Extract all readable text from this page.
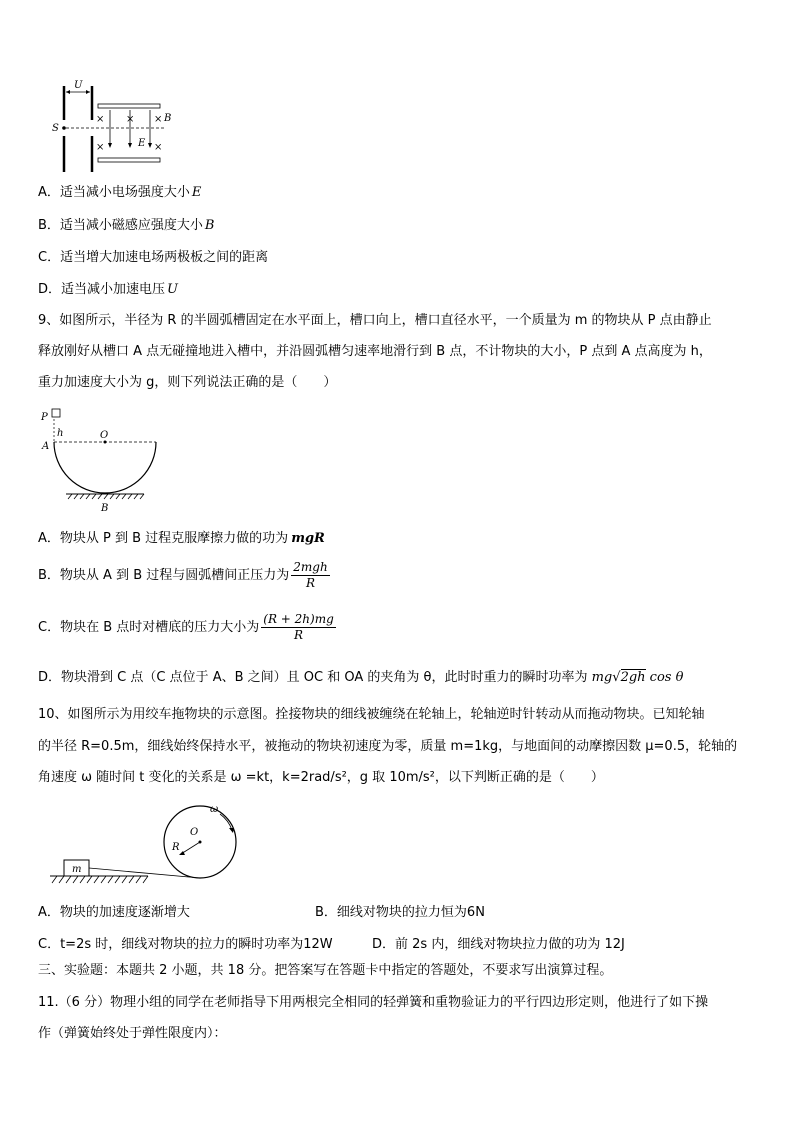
U
S
× × ×
×	×
B
E
A．适当减小电场强度大小 E
B．适当减小磁感应强度大小 B
C．适当增大加速电场两极板之间的距离
D．适当减小加速电压 U
9、如图所示，半径为 R 的半圆弧槽固定在水平面上，槽口向上，槽口直径水平，一个质量为 m 的物块从 P 点由静止
释放刚好从槽口 A 点无碰撞地进入槽中，并沿圆弧槽匀速率地滑行到 B 点，不计物块的大小，P 点到 A 点高度为 h，
重力加速度大小为 g，则下列说法正确的是（　　）
P
h
A
O
B
A．物块从 P 到 B 过程克服摩擦力做的功为 mgR
B．物块从 A 到 B 过程与圆弧槽间正压力为 $\frac{\text{2mgh}}{R}$
C．物块在 B 点时对槽底的压力大小为 $\frac{(R + 2h)mg}{R}$
D．物块滑到 C 点（C 点位于 A、B 之间）且 OC 和 OA 的夹角为 θ，此时时重力的瞬时功率为 mg√2gh cos θ
10、如图所示为用绞车拖物块的示意图。拴接物块的细线被缠绕在轮轴上，轮轴逆时针转动从而拖动物块。已知轮轴
的半径 R=0.5m，细线始终保持水平，被拖动的物块初速度为零，质量 m=1kg，与地面间的动摩擦因数 μ=0.5，轮轴的
角速度 ω 随时间 t 变化的关系是 ω =kt，k=2rad/s²，g 取 10m/s²，以下判断正确的是（　　）
O
R
ω
m
A．物块的加速度逐渐增大	B．细线对物块的拉力恒为6N
C．t=2s 时，细线对物块的拉力的瞬时功率为12W	D．前 2s 内，细线对物块拉力做的功为 12J
三、实验题：本题共 2 小题，共 18 分。把答案写在答题卡中指定的答题处，不要求写出演算过程。
11.（6 分）物理小组的同学在老师指导下用两根完全相同的轻弹簧和重物验证力的平行四边形定则，他进行了如下操
作（弹簧始终处于弹性限度内）：
